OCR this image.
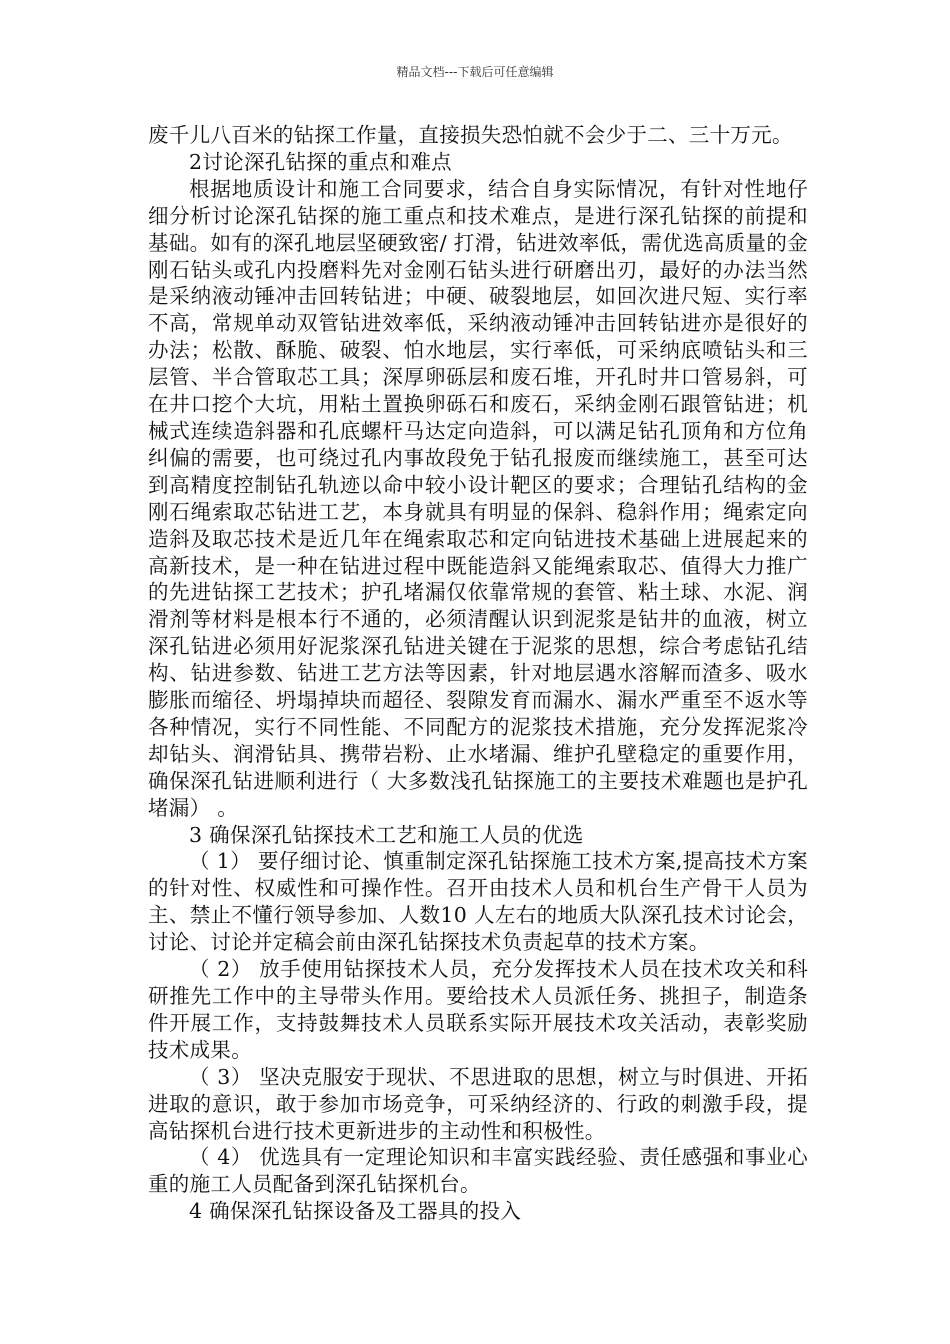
精品文档---下载后可任意编辑

废千儿八百米的钻探工作量，直接损失恐怕就不会少于二、三十万元。

2讨论深孔钻探的重点和难点

根据地质设计和施工合同要求，结合自身实际情况，有针对性地仔细分析讨论深孔钻探的施工重点和技术难点，是进行深孔钻探的前提和基础。如有的深孔地层坚硬致密/ 打滑，钻进效率低，需优选高质量的金刚石钻头或孔内投磨料先对金刚石钻头进行研磨出刃，最好的办法当然是采纳液动锤冲击回转钻进；中硬、破裂地层，如回次进尺短、实行率不高，常规单动双管钻进效率低，采纳液动锤冲击回转钻进亦是很好的办法；松散、酥脆、破裂、怕水地层，实行率低，可采纳底喷钻头和三层管、半合管取芯工具；深厚卵砾层和废石堆，开孔时井口管易斜，可在井口挖个大坑，用粘土置换卵砾石和废石，采纳金刚石跟管钻进；机械式连续造斜器和孔底螺杆马达定向造斜，可以满足钻孔顶角和方位角纠偏的需要，也可绕过孔内事故段免于钻孔报废而继续施工，甚至可达到高精度控制钻孔轨迹以命中较小设计靶区的要求；合理钻孔结构的金刚石绳索取芯钻进工艺，本身就具有明显的保斜、稳斜作用；绳索定向造斜及取芯技术是近几年在绳索取芯和定向钻进技术基础上进展起来的高新技术，是一种在钻进过程中既能造斜又能绳索取芯、值得大力推广的先进钻探工艺技术；护孔堵漏仅依靠常规的套管、粘土球、水泥、润滑剂等材料是根本行不通的，必须清醒认识到泥浆是钻井的血液，树立深孔钻进必须用好泥浆深孔钻进关键在于泥浆的思想，综合考虑钻孔结构、钻进参数、钻进工艺方法等因素，针对地层遇水溶解而渣多、吸水膨胀而缩径、坍塌掉块而超径、裂隙发育而漏水、漏水严重至不返水等各种情况，实行不同性能、不同配方的泥浆技术措施，充分发挥泥浆冷却钻头、润滑钻具、携带岩粉、止水堵漏、维护孔壁稳定的重要作用，确保深孔钻进顺利进行（ 大多数浅孔钻探施工的主要技术难题也是护孔堵漏） 。

3 确保深孔钻探技术工艺和施工人员的优选

（ 1） 要仔细讨论、慎重制定深孔钻探施工技术方案,提高技术方案的针对性、权威性和可操作性。召开由技术人员和机台生产骨干人员为主、禁止不懂行领导参加、人数10 人左右的地质大队深孔技术讨论会，讨论、讨论并定稿会前由深孔钻探技术负责起草的技术方案。

（ 2） 放手使用钻探技术人员，充分发挥技术人员在技术攻关和科研推先工作中的主导带头作用。要给技术人员派任务、挑担子，制造条件开展工作，支持鼓舞技术人员联系实际开展技术攻关活动，表彰奖励技术成果。

（ 3） 坚决克服安于现状、不思进取的思想，树立与时俱进、开拓进取的意识，敢于参加市场竞争，可采纳经济的、行政的刺激手段，提高钻探机台进行技术更新进步的主动性和积极性。

（ 4） 优选具有一定理论知识和丰富实践经验、责任感强和事业心重的施工人员配备到深孔钻探机台。

4 确保深孔钻探设备及工器具的投入
